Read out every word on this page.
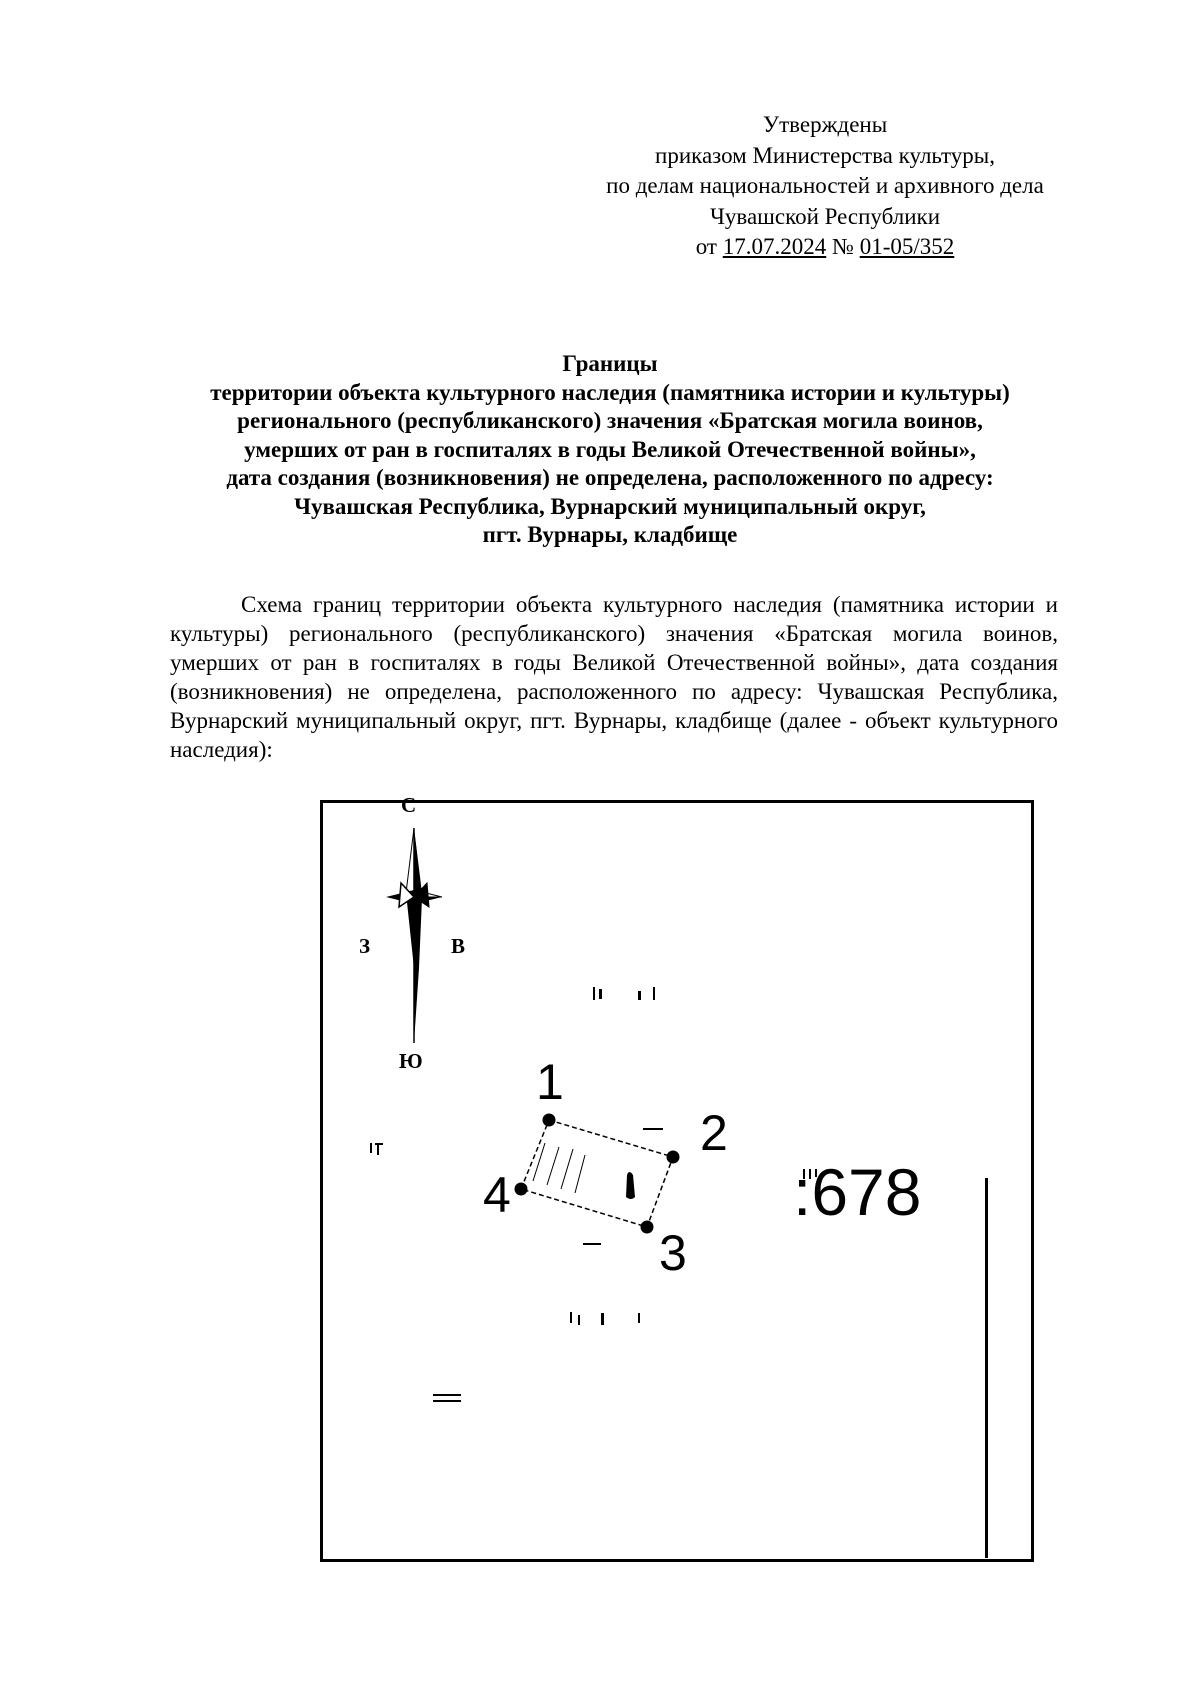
Утверждены
приказом Министерства культуры,
по делам национальностей и архивного дела
Чувашской Республики
от 17.07.2024 № 01-05/352
Границы
территории объекта культурного наследия (памятника истории и культуры)
регионального (республиканского) значения «Братская могила воинов,
умерших от ран в госпиталях в годы Великой Отечественной войны»,
дата создания (возникновения) не определена, расположенного по адресу:
Чувашская Республика, Вурнарский муниципальный округ,
пгт. Вурнары, кладбище

Схема границ территории объекта культурного наследия (памятника истории и культуры) регионального (республиканского) значения «Братская могила воинов, умерших от ран в госпиталях в годы Великой Отечественной войны», дата создания (возникновения) не определена, расположенного по адресу: Чувашская Республика, Вурнарский муниципальный округ, пгт. Вурнары, кладбище (далее - объект культурного наследия):

С
Ю
З	В
1
2
3
4	:678
